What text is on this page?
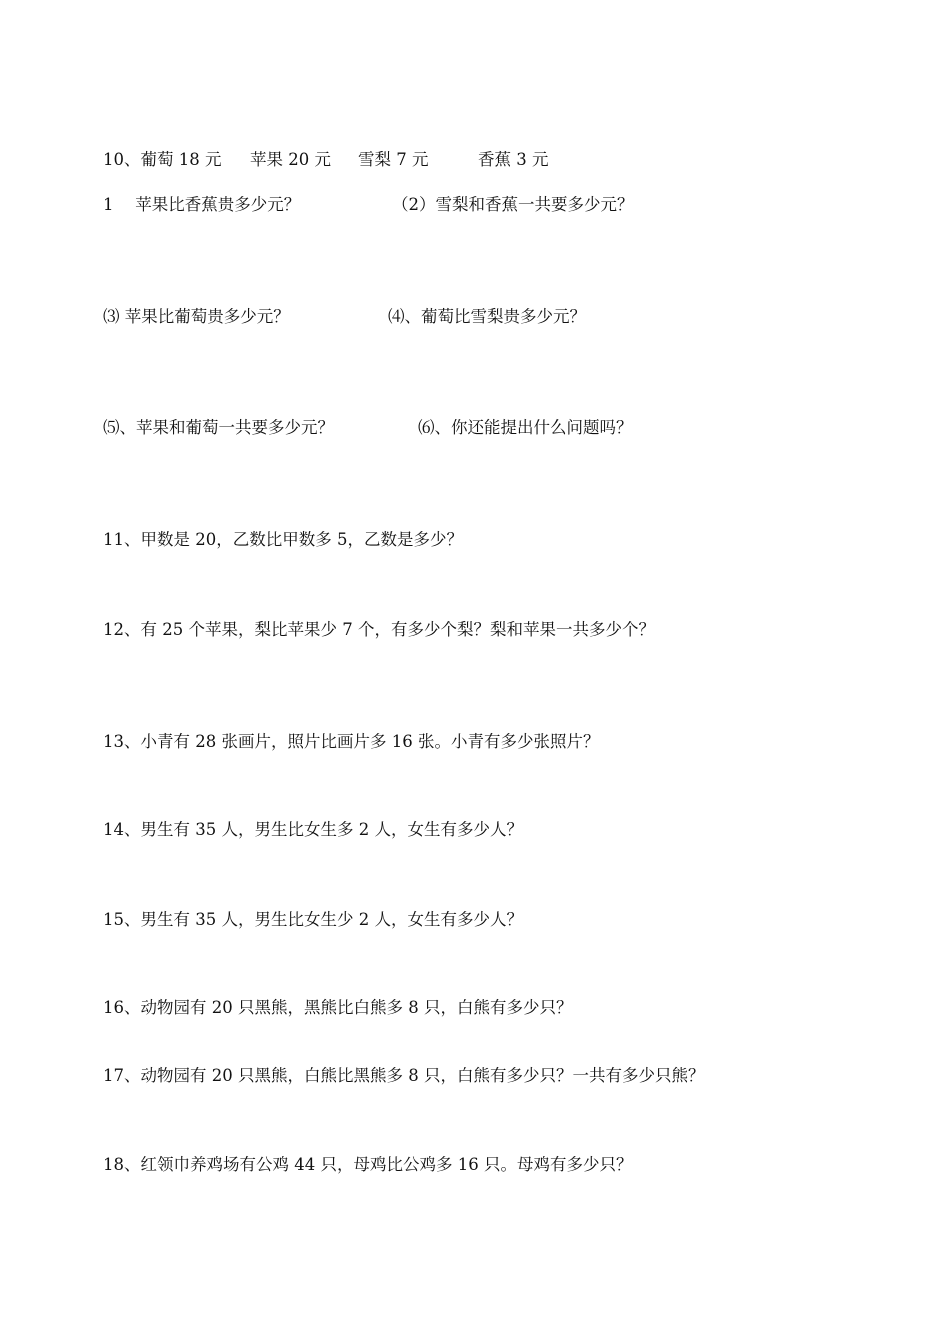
10、葡萄 18 元 苹果 20 元 雪梨 7 元	香蕉 3 元
1　 苹果比香蕉贵多少元？	（2）雪梨和香蕉一共要多少元？
⑶ 苹果比葡萄贵多少元？	⑷、葡萄比雪梨贵多少元？
⑸、苹果和葡萄一共要多少元？	⑹、你还能提出什么问题吗？
11、甲数是 20，乙数比甲数多 5，乙数是多少？
12、有 25 个苹果，梨比苹果少 7 个，有多少个梨？梨和苹果一共多少个？
13、小青有 28 张画片，照片比画片多 16 张。小青有多少张照片？
14、男生有 35 人，男生比女生多 2 人，女生有多少人？
15、男生有 35 人，男生比女生少 2 人，女生有多少人？
16、动物园有 20 只黑熊，黑熊比白熊多 8 只，白熊有多少只？
17、动物园有 20 只黑熊，白熊比黑熊多 8 只，白熊有多少只？一共有多少只熊？
18、红领巾养鸡场有公鸡 44 只，母鸡比公鸡多 16 只。母鸡有多少只？
